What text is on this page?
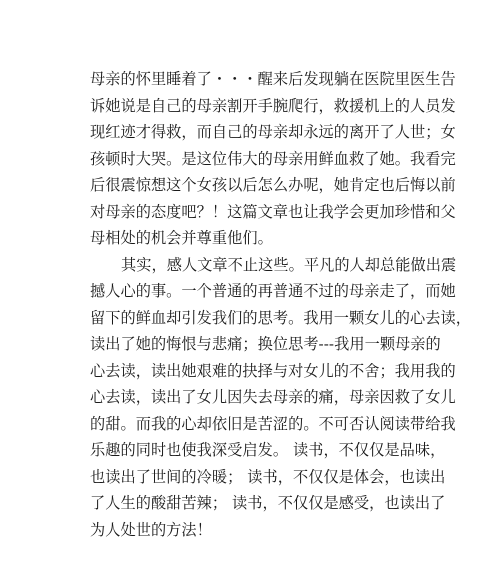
母亲的怀里睡着了・・・醒来后发现躺在医院里医生告
诉她说是自己的母亲割开手腕爬行，救援机上的人员发
现红迹才得救，而自己的母亲却永远的离开了人世；女
孩顿时大哭。是这位伟大的母亲用鲜血救了她。我看完
后很震惊想这个女孩以后怎么办呢，她肯定也后悔以前
对母亲的态度吧？！这篇文章也让我学会更加珍惜和父
母相处的机会并尊重他们。
其实，感人文章不止这些。平凡的人却总能做出震
撼人心的事。一个普通的再普通不过的母亲走了，而她
留下的鲜血却引发我们的思考。我用一颗女儿的心去读，
读出了她的悔恨与悲痛；换位思考---我用一颗母亲的
心去读，读出她艰难的抉择与对女儿的不舍；我用我的
心去读，读出了女儿因失去母亲的痛，母亲因救了女儿
的甜。而我的心却依旧是苦涩的。不可否认阅读带给我
乐趣的同时也使我深受启发。 读书，不仅仅是品味，
也读出了世间的冷暖； 读书，不仅仅是体会，也读出
了人生的酸甜苦辣； 读书，不仅仅是感受，也读出了
为人处世的方法！
